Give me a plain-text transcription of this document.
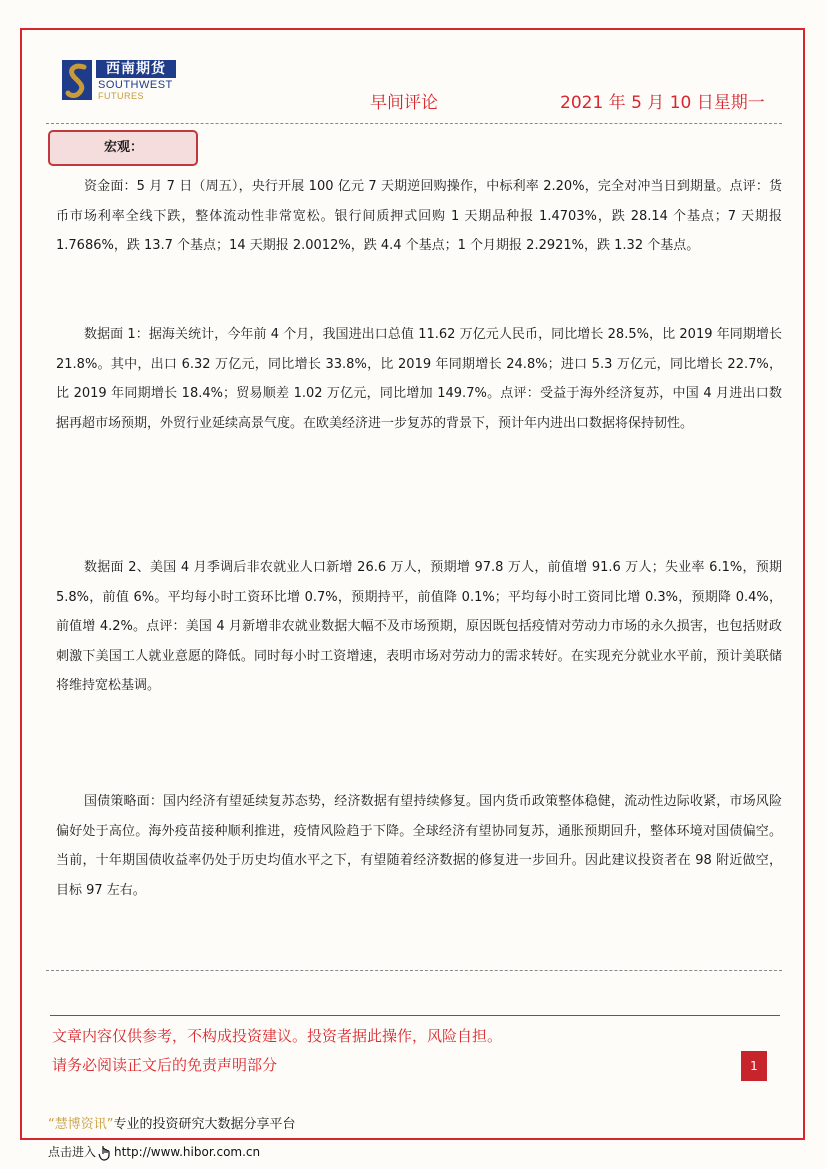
西南期货
SOUTHWEST
FUTURES	早间评论	2021 年 5 月 10 日星期一
宏观：

资金面：5 月 7 日（周五），央行开展 100 亿元 7 天期逆回购操作，中标利率 2.20%，完全对冲当日到期量。点评：货币市场利率全线下跌，整体流动性非常宽松。银行间质押式回购 1 天期品种报 1.4703%，跌 28.14 个基点；7 天期报 1.7686%，跌 13.7 个基点；14 天期报 2.0012%，跌 4.4 个基点；1 个月期报 2.2921%，跌 1.32 个基点。

数据面 1：据海关统计，今年前 4 个月，我国进出口总值 11.62 万亿元人民币，同比增长 28.5%，比 2019 年同期增长 21.8%。其中，出口 6.32 万亿元，同比增长 33.8%，比 2019 年同期增长 24.8%；进口 5.3 万亿元，同比增长 22.7%，比 2019 年同期增长 18.4%；贸易顺差 1.02 万亿元，同比增加 149.7%。点评：受益于海外经济复苏，中国 4 月进出口数据再超市场预期，外贸行业延续高景气度。在欧美经济进一步复苏的背景下，预计年内进出口数据将保持韧性。

数据面 2、美国 4 月季调后非农就业人口新增 26.6 万人，预期增 97.8 万人，前值增 91.6 万人；失业率 6.1%，预期 5.8%，前值 6%。平均每小时工资环比增 0.7%，预期持平，前值降 0.1%；平均每小时工资同比增 0.3%，预期降 0.4%，前值增 4.2%。点评：美国 4 月新增非农就业数据大幅不及市场预期，原因既包括疫情对劳动力市场的永久损害，也包括财政刺激下美国工人就业意愿的降低。同时每小时工资增速，表明市场对劳动力的需求转好。在实现充分就业水平前，预计美联储将维持宽松基调。

国债策略面：国内经济有望延续复苏态势，经济数据有望持续修复。国内货币政策整体稳健，流动性边际收紧，市场风险偏好处于高位。海外疫苗接种顺利推进，疫情风险趋于下降。全球经济有望协同复苏，通胀预期回升，整体环境对国债偏空。当前，十年期国债收益率仍处于历史均值水平之下，有望随着经济数据的修复进一步回升。因此建议投资者在 98 附近做空，目标 97 左右。

文章内容仅供参考，不构成投资建议。投资者据此操作，风险自担。
请务必阅读正文后的免责声明部分	1
“慧博资讯”专业的投资研究大数据分享平台
点击进入 http://www.hibor.com.cn
